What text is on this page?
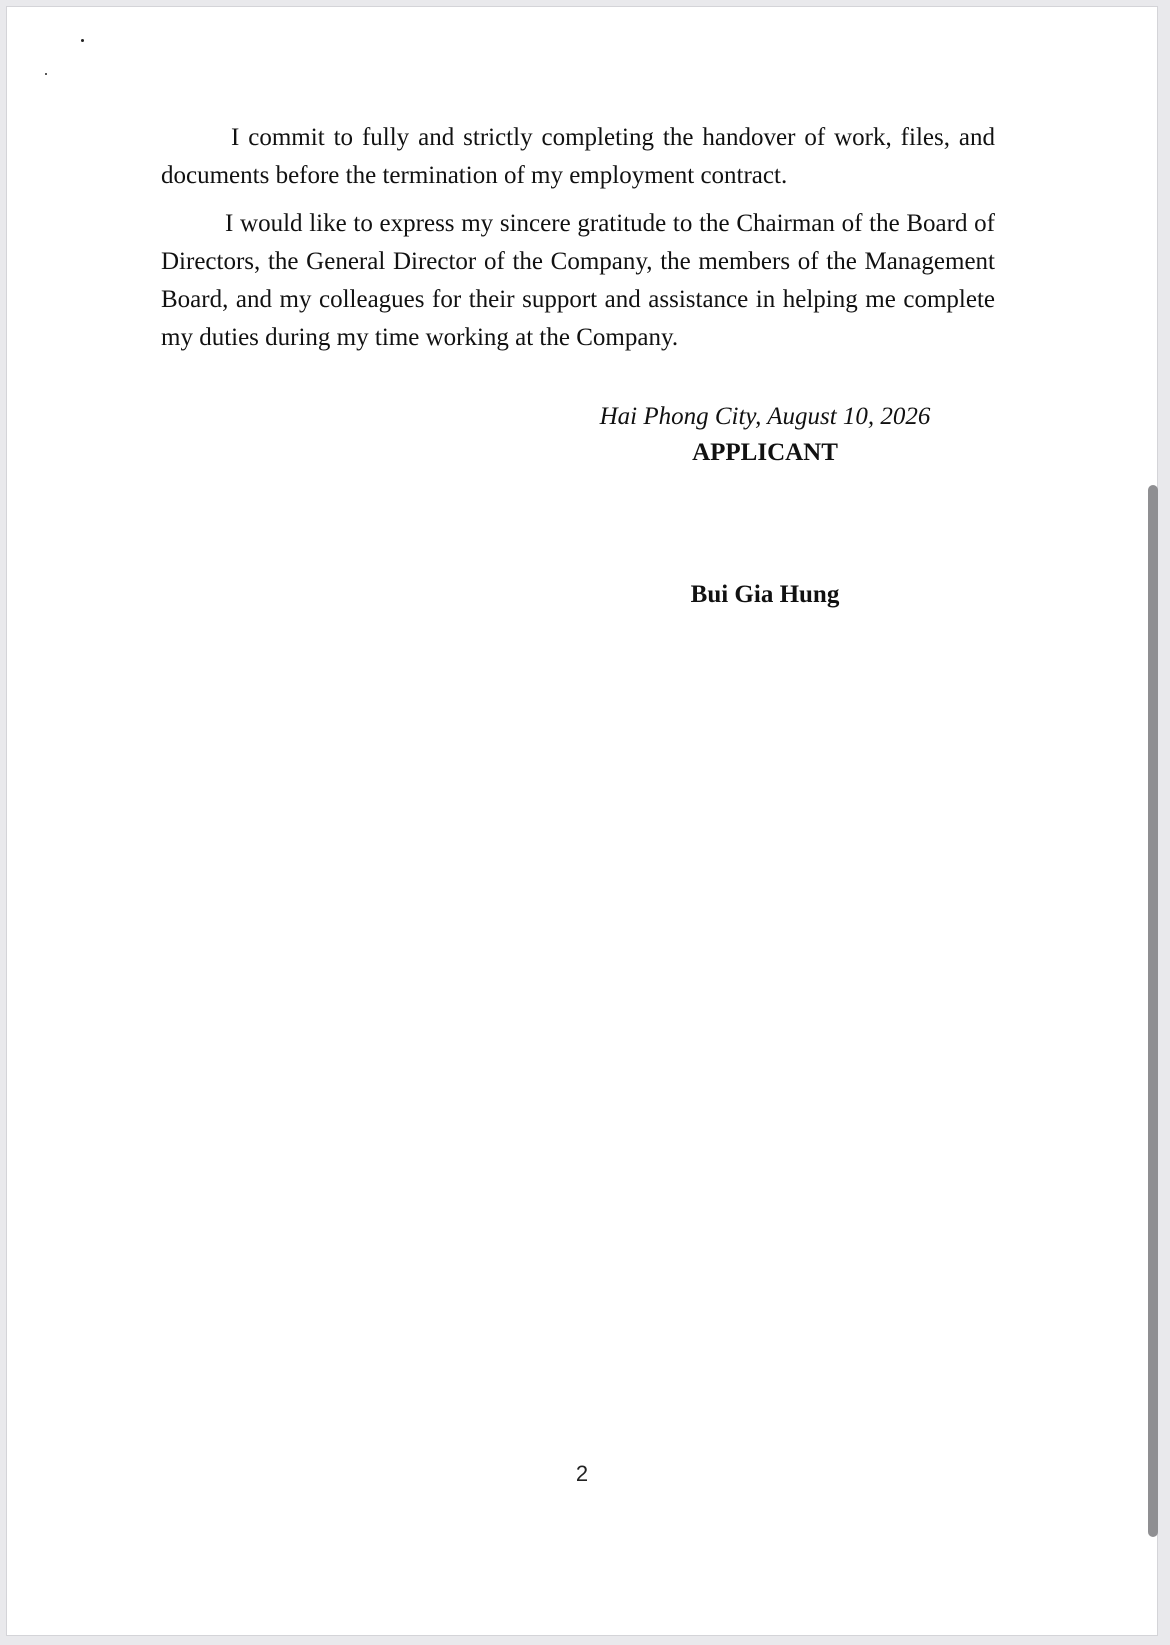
I commit to fully and strictly completing the handover of work, files, and documents before the termination of my employment contract.

I would like to express my sincere gratitude to the Chairman of the Board of Directors, the General Director of the Company, the members of the Management Board, and my colleagues for their support and assistance in helping me complete my duties during my time working at the Company.

Hai Phong City, August 10, 2026
APPLICANT
Bui Gia Hung
2
